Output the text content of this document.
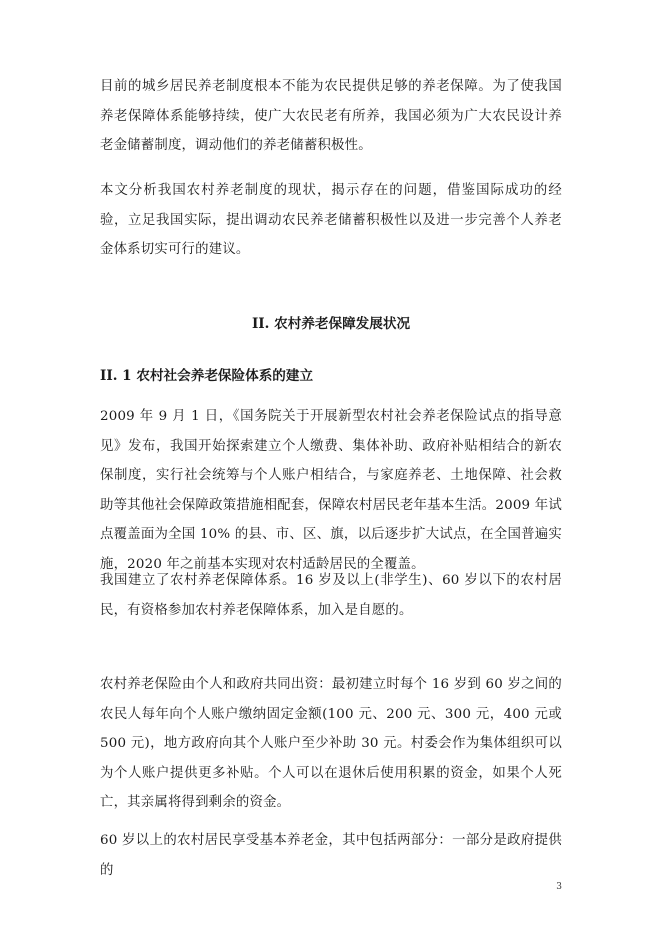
目前的城乡居民养老制度根本不能为农民提供足够的养老保障。为了使我国养老保障体系能够持续，使广大农民老有所养，我国必须为广大农民设计养老金储蓄制度，调动他们的养老储蓄积极性。

本文分析我国农村养老制度的现状，揭示存在的问题，借鉴国际成功的经验，立足我国实际，提出调动农民养老储蓄积极性以及进一步完善个人养老金体系切实可行的建议。

II. 农村养老保障发展状况
II. 1 农村社会养老保险体系的建立

2009 年 9 月 1 日，《国务院关于开展新型农村社会养老保险试点的指导意见》发布，我国开始探索建立个人缴费、集体补助、政府补贴相结合的新农保制度，实行社会统筹与个人账户相结合，与家庭养老、土地保障、社会救助等其他社会保障政策措施相配套，保障农村居民老年基本生活。2009 年试点覆盖面为全国 10% 的县、市、区、旗，以后逐步扩大试点，在全国普遍实施，2020 年之前基本实现对农村适龄居民的全覆盖。

我国建立了农村养老保障体系。16 岁及以上(非学生)、60 岁以下的农村居民，有资格参加农村养老保障体系，加入是自愿的。

农村养老保险由个人和政府共同出资：最初建立时每个 16 岁到 60 岁之间的农民人每年向个人账户缴纳固定金额(100 元、200 元、300 元，400 元或 500 元)，地方政府向其个人账户至少补助 30 元。村委会作为集体组织可以为个人账户提供更多补贴。个人可以在退休后使用积累的资金，如果个人死亡，其亲属将得到剩余的资金。

60 岁以上的农村居民享受基本养老金，其中包括两部分：一部分是政府提供的

3
